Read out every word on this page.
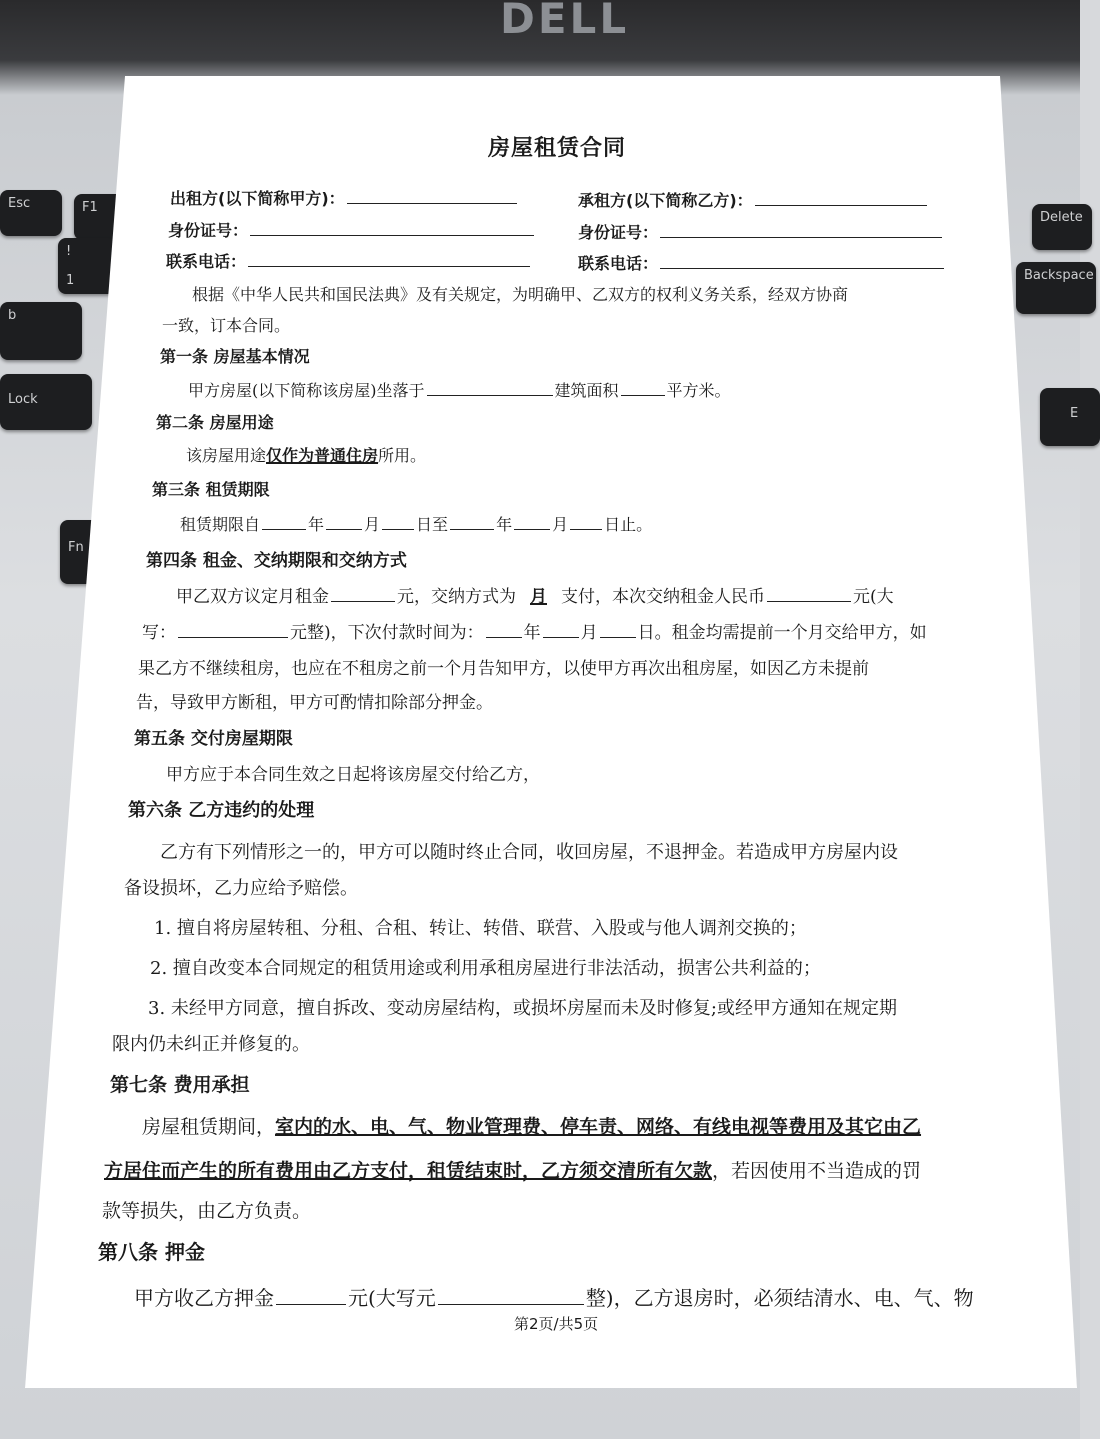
DELL
Esc	F1
!
1
Delete
Backspace
b
Lock
Fn
E
房屋租赁合同
出租方(以下简称甲方)：	承租方(以下简称乙方)：
身份证号：	身份证号：
联系电话：	联系电话：
根据《中华人民共和国民法典》及有关规定，为明确甲、乙双方的权利义务关系，经双方协商
一致，订本合同。
第一条 房屋基本情况
甲方房屋(以下简称该房屋)坐落于	建筑面积	平方米。
第二条 房屋用途
该房屋用途仅作为普通住房所用。
第三条 租赁期限
租赁期限自	年	月 日至	年	月 日止。
第四条 租金、交纳期限和交纳方式
甲乙双方议定月租金	元，交纳方式为 月 支付，本次交纳租金人民币	元(大
写：	元整)，下次付款时间为： 年 月 日。租金均需提前一个月交给甲方，如
果乙方不继续租房，也应在不租房之前一个月告知甲方，以使甲方再次出租房屋，如因乙方未提前
告，导致甲方断租，甲方可酌情扣除部分押金。
第五条 交付房屋期限
甲方应于本合同生效之日起将该房屋交付给乙方，
第六条 乙方违约的处理
乙方有下列情形之一的，甲方可以随时终止合同，收回房屋，不退押金。若造成甲方房屋内设
备设损坏，乙力应给予赔偿。
1. 擅自将房屋转租、分租、合租、转让、转借、联营、入股或与他人调剂交换的；
2. 擅自改变本合同规定的租赁用途或利用承租房屋进行非法活动，损害公共利益的；
3. 未经甲方同意，擅自拆改、变动房屋结构，或损坏房屋而未及时修复;或经甲方通知在规定期
限内仍未纠正并修复的。
第七条 费用承担
房屋租赁期间，室内的水、电、气、物业管理费、停车责、网络、有线电视等费用及其它由乙
方居住而产生的所有费用由乙方支付，租赁结束时，乙方须交清所有欠款，若因使用不当造成的罚
款等损失，由乙方负责。
第八条 押金
甲方收乙方押金	元(大写元	整)，乙方退房时，必须结清水、电、气、物
第2页/共5页
